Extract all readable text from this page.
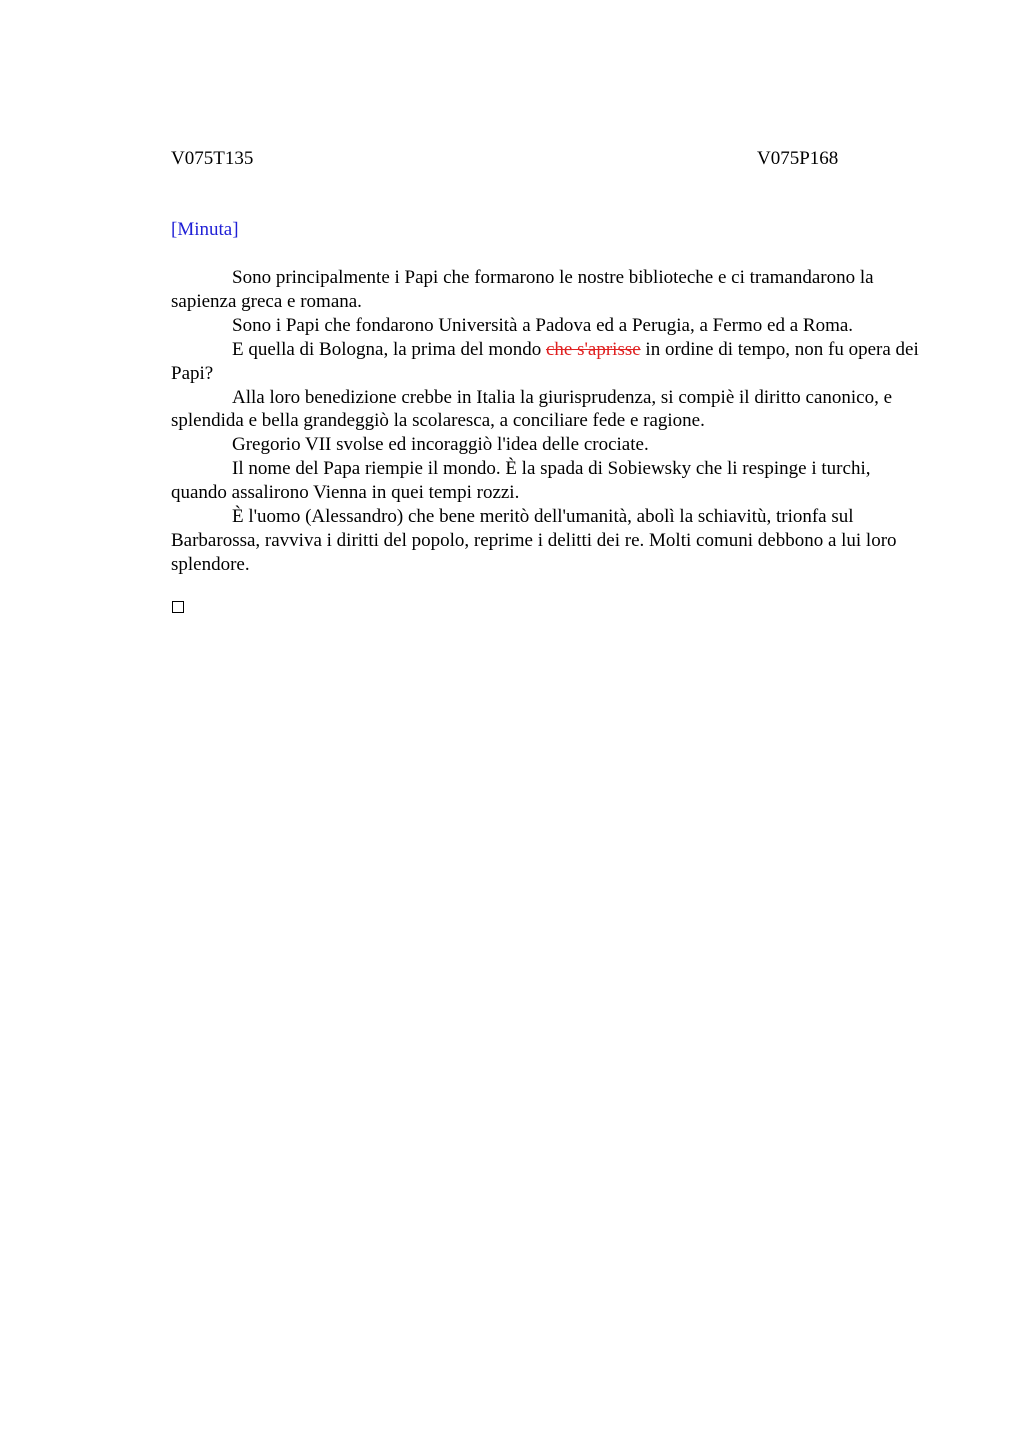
V075T135	V075P168
[Minuta]

Sono principalmente i Papi che formarono le nostre biblioteche e ci tramandarono la sapienza greca e romana.

Sono i Papi che fondarono Università a Padova ed a Perugia, a Fermo ed a Roma.

E quella di Bologna, la prima del mondo che s'aprisse in ordine di tempo, non fu opera dei Papi?

Alla loro benedizione crebbe in Italia la giurisprudenza, si compiè il diritto canonico, e splendida e bella grandeggiò la scolaresca, a conciliare fede e ragione.

Gregorio VII svolse ed incoraggiò l'idea delle crociate.

Il nome del Papa riempie il mondo. È la spada di Sobiewsky che li respinge i turchi, quando assalirono Vienna in quei tempi rozzi.

È l'uomo (Alessandro) che bene meritò dell'umanità, abolì la schiavitù, trionfa sul Barbarossa, ravviva i diritti del popolo, reprime i delitti dei re. Molti comuni debbono a lui loro splendore.
